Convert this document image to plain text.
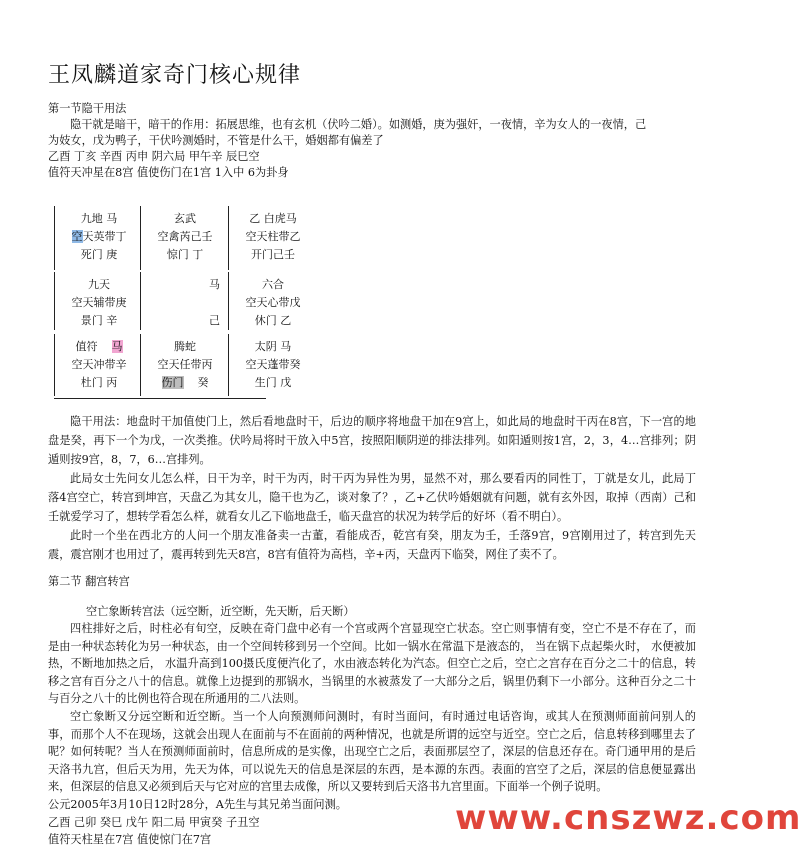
王凤麟道家奇门核心规律
第一节隐干用法
隐干就是暗干，暗干的作用：拓展思维，也有玄机（伏吟二婚）。如测婚，庚为强奸，一夜情，辛为女人的一夜情，己
为妓女，戊为鸭子，干伏吟测婚时，不管是什么干，婚姻都有偏差了
乙酉 丁亥 辛酉 丙申 阴六局 甲午辛 辰巳空
值符天冲星在8宫 值使伤门在1宫 1入中 6为卦身
九地 马
空天英带丁
死门 庚
玄武
空禽芮己壬
惊门 丁
乙 白虎马
空天柱带乙
开门己壬
九天
空天辅带庚
景门 辛
马

己
六合
空天心带戊
休门 乙
值符    马
空天冲带辛
杜门 丙
腾蛇
空天任带丙
伤门    癸
太阴 马
空天蓬带癸
生门 戊

隐干用法：地盘时干加值使门上，然后看地盘时干，后边的顺序将地盘干加在9宫上，如此局的地盘时干丙在8宫，下一宫的地盘是癸，再下一个为戊，一次类推。伏吟局将时干放入中5宫，按照阳顺阴逆的排法排列。如阳遁则按1宫，2，3，4…宫排列；阴遁则按9宫，8，7，6…宫排列。

此局女士先问女儿怎么样，日干为辛，时干为丙，时干丙为异性为男，显然不对，那么要看丙的同性丁，丁就是女儿，此局丁落4宫空亡，转宫到坤宫，天盘乙为其女儿，隐干也为乙，谈对象了？，乙+乙伏吟婚姻就有问题，就有玄外因，取掉（西南）己和壬就爱学习了，想转学看怎么样，就看女儿乙下临地盘壬，临天盘宫的状况为转学后的好坏（看不明白）。

此时一个坐在西北方的人问一个朋友准备卖一古董，看能成否，乾宫有癸，朋友为壬，壬落9宫，9宫刚用过了，转宫到先天震，震宫刚才也用过了，震再转到先天8宫，8宫有值符为高档，辛+丙，天盘丙下临癸，网住了卖不了。

第二节 翻宫转宫
空亡象断转宫法（远空断，近空断，先天断，后天断）

四柱排好之后，时柱必有旬空，反映在奇门盘中必有一个宫或两个宫显现空亡状态。空亡则事情有变，空亡不是不存在了，而是由一种状态转化为另一种状态，由一个空间转移到另一个空间。比如一锅水在常温下是液态的， 当在锅下点起柴火时， 水便被加热，不断地加热之后， 水温升高到100摄氏度便汽化了，水由液态转化为汽态。但空亡之后，空亡之宫存在百分之二十的信息，转移之宫有百分之八十的信息。就像上边提到的那锅水，当锅里的水被蒸发了一大部分之后，锅里仍剩下一小部分。这种百分之二十与百分之八十的比例也符合现在所通用的二八法则。

空亡象断又分远空断和近空断。当一个人向预测师问测时，有时当面问，有时通过电话咨询，或其人在预测师面前问别人的事，而那个人不在现场，这就会出现人在面前与不在面前的两种情况，也就是所谓的远空与近空。空亡之后，信息转移到哪里去了呢？如何转呢？当人在预测师面前时，信息所成的是实像，出现空亡之后，表面那层空了，深层的信息还存在。奇门通甲用的是后天洛书九宫，但后天为用，先天为体，可以说先天的信息是深层的东西，是本源的东西。表面的宫空了之后，深层的信息便显露出来，但深层的信息又必须到后天与它对应的宫里去成像，所以又要转到后天洛书九宫里面。下面举一个例子说明。

公元2005年3月10日12时28分，A先生与其兄弟当面问测。

乙酉 己卯 癸巳 戊午 阳二局 甲寅癸 子丑空

值符天柱星在7宫 值使惊门在7宫

www.cnszwz.com
